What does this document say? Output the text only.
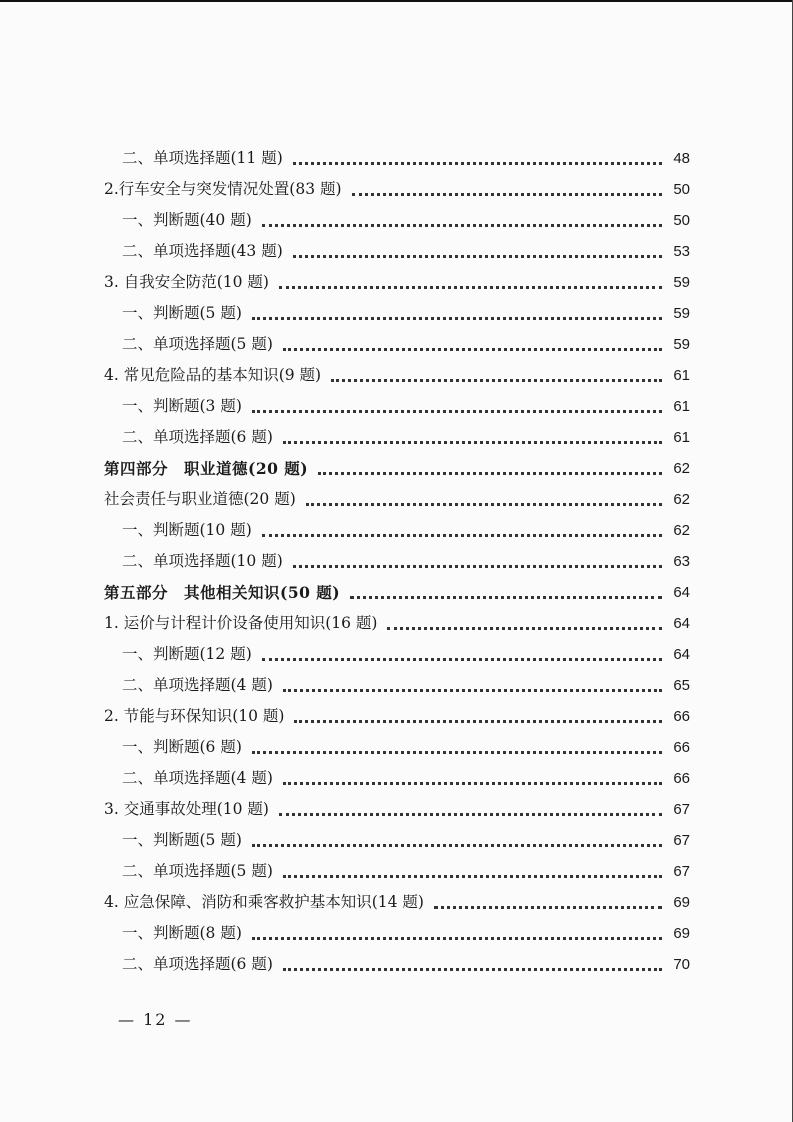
二、单项选择题(11 题)	48
2.行车安全与突发情况处置(83 题)	50
一、判断题(40 题)	50
二、单项选择题(43 题)	53
3. 自我安全防范(10 题)	59
一、判断题(5 题)	59
二、单项选择题(5 题)	59
4. 常见危险品的基本知识(9 题)	61
一、判断题(3 题)	61
二、单项选择题(6 题)	61
第四部分　职业道德(20 题)	62
社会责任与职业道德(20 题)	62
一、判断题(10 题)	62
二、单项选择题(10 题)	63
第五部分　其他相关知识(50 题)	64
1. 运价与计程计价设备使用知识(16 题)	64
一、判断题(12 题)	64
二、单项选择题(4 题)	65
2. 节能与环保知识(10 题)	66
一、判断题(6 题)	66
二、单项选择题(4 题)	66
3. 交通事故处理(10 题)	67
一、判断题(5 题)	67
二、单项选择题(5 题)	67
4. 应急保障、消防和乘客救护基本知识(14 题)	69
一、判断题(8 题)	69
二、单项选择题(6 题)	70
— 12 —
